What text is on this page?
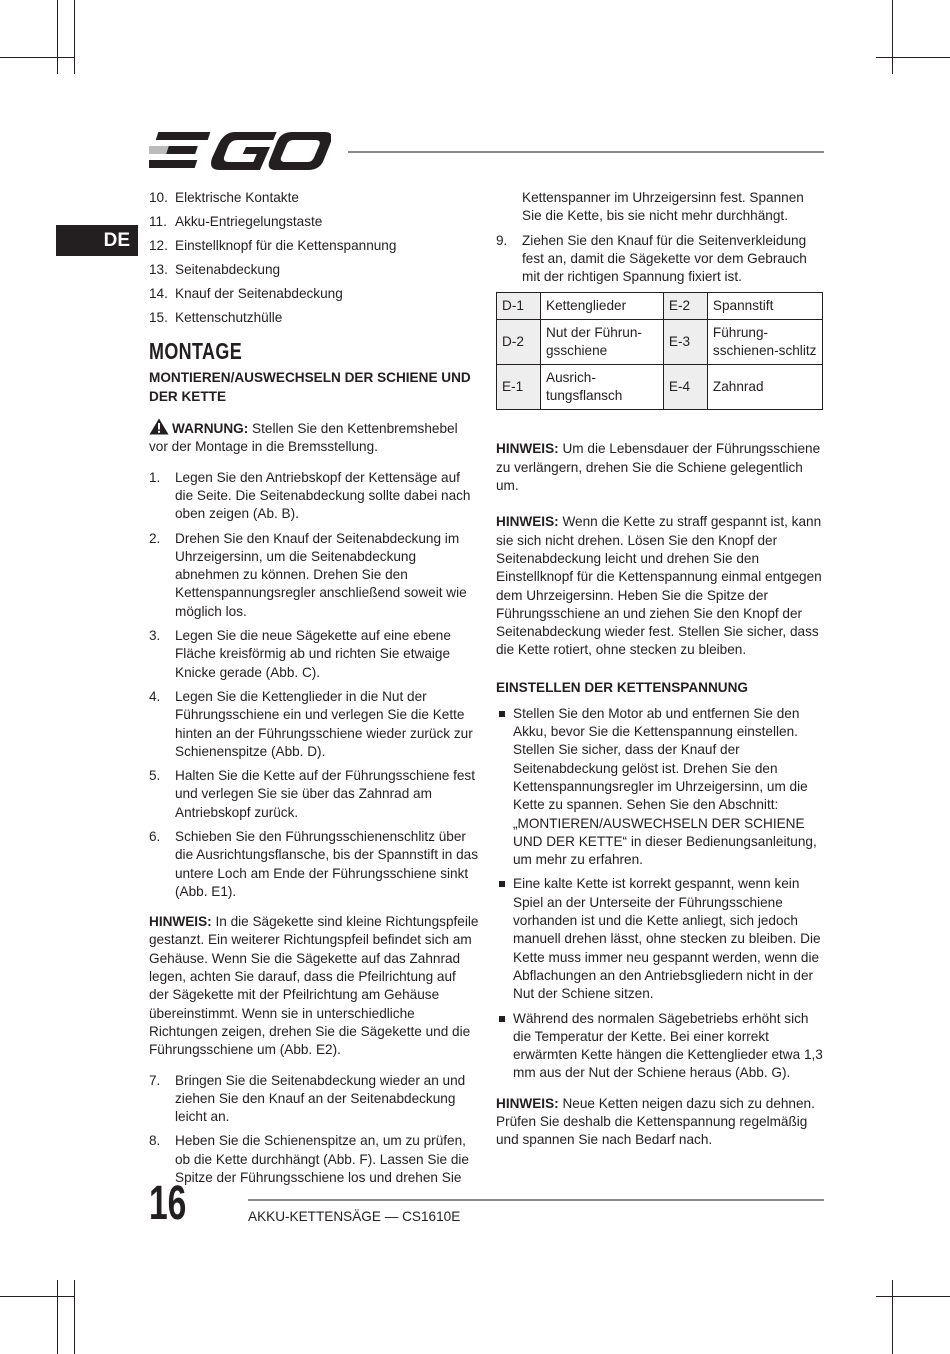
DE
10. Elektrische Kontakte
11. Akku-Entriegelungstaste
12. Einstellknopf für die Kettenspannung
13. Seitenabdeckung
14. Knauf der Seitenabdeckung
15. Kettenschutzhülle
MONTAGE
MONTIEREN/AUSWECHSELN DER SCHIENE UND DER KETTE

WARNUNG: Stellen Sie den Kettenbremshebel vor der Montage in die Bremsstellung.

1. Legen Sie den Antriebskopf der Kettensäge auf die Seite. Die Seitenabdeckung sollte dabei nach oben zeigen (Ab. B).
2. Drehen Sie den Knauf der Seitenabdeckung im Uhrzeigersinn, um die Seitenabdeckung abnehmen zu können. Drehen Sie den Kettenspannungsregler anschließend soweit wie möglich los.
3. Legen Sie die neue Sägekette auf eine ebene Fläche kreisförmig ab und richten Sie etwaige Knicke gerade (Abb. C).
4. Legen Sie die Kettenglieder in die Nut der Führungsschiene ein und verlegen Sie die Kette hinten an der Führungsschiene wieder zurück zur Schienenspitze (Abb. D).
5. Halten Sie die Kette auf der Führungsschiene fest und verlegen Sie sie über das Zahnrad am Antriebskopf zurück.
6. Schieben Sie den Führungsschienenschlitz über die Ausrichtungsflansche, bis der Spannstift in das untere Loch am Ende der Führungsschiene sinkt (Abb. E1).

HINWEIS: In die Sägekette sind kleine Richtungspfeile gestanzt. Ein weiterer Richtungspfeil befindet sich am Gehäuse. Wenn Sie die Sägekette auf das Zahnrad legen, achten Sie darauf, dass die Pfeilrichtung auf der Sägekette mit der Pfeilrichtung am Gehäuse übereinstimmt. Wenn sie in unterschiedliche Richtungen zeigen, drehen Sie die Sägekette und die Führungsschiene um (Abb. E2).

7. Bringen Sie die Seitenabdeckung wieder an und ziehen Sie den Knauf an der Seitenabdeckung leicht an.
8. Heben Sie die Schienenspitze an, um zu prüfen, ob die Kette durchhängt (Abb. F). Lassen Sie die Spitze der Führungsschiene los und drehen Sie
Kettenspanner im Uhrzeigersinn fest. Spannen Sie die Kette, bis sie nicht mehr durchhängt.
9. Ziehen Sie den Knauf für die Seitenverkleidung fest an, damit die Sägekette vor dem Gebrauch mit der richtigen Spannung fixiert ist.
D-1	Kettenglieder	E-2	Spannstift
D-2	Nut der Führun-gsschiene	E-3	Führung-sschienen-schlitz
E-1	Ausrich-tungsflansch	E-4	Zahnrad

HINWEIS: Um die Lebensdauer der Führungsschiene zu verlängern, drehen Sie die Schiene gelegentlich um.

HINWEIS: Wenn die Kette zu straff gespannt ist, kann sie sich nicht drehen. Lösen Sie den Knopf der Seitenabdeckung leicht und drehen Sie den Einstellknopf für die Kettenspannung einmal entgegen dem Uhrzeigersinn. Heben Sie die Spitze der Führungsschiene an und ziehen Sie den Knopf der Seitenabdeckung wieder fest. Stellen Sie sicher, dass die Kette rotiert, ohne stecken zu bleiben.

EINSTELLEN DER KETTENSPANNUNG
Stellen Sie den Motor ab und entfernen Sie den Akku, bevor Sie die Kettenspannung einstellen. Stellen Sie sicher, dass der Knauf der Seitenabdeckung gelöst ist. Drehen Sie den Kettenspannungsregler im Uhrzeigersinn, um die Kette zu spannen. Sehen Sie den Abschnitt: „MONTIEREN/AUSWECHSELN DER SCHIENE UND DER KETTE“ in dieser Bedienungsanleitung, um mehr zu erfahren.
Eine kalte Kette ist korrekt gespannt, wenn kein Spiel an der Unterseite der Führungsschiene vorhanden ist und die Kette anliegt, sich jedoch manuell drehen lässt, ohne stecken zu bleiben. Die Kette muss immer neu gespannt werden, wenn die Abflachungen an den Antriebsgliedern nicht in der Nut der Schiene sitzen.
Während des normalen Sägebetriebs erhöht sich die Temperatur der Kette. Bei einer korrekt erwärmten Kette hängen die Kettenglieder etwa 1,3 mm aus der Nut der Schiene heraus (Abb. G).

HINWEIS: Neue Ketten neigen dazu sich zu dehnen. Prüfen Sie deshalb die Kettenspannung regelmäßig und spannen Sie nach Bedarf nach.

16	AKKU-KETTENSÄGE — CS1610E
